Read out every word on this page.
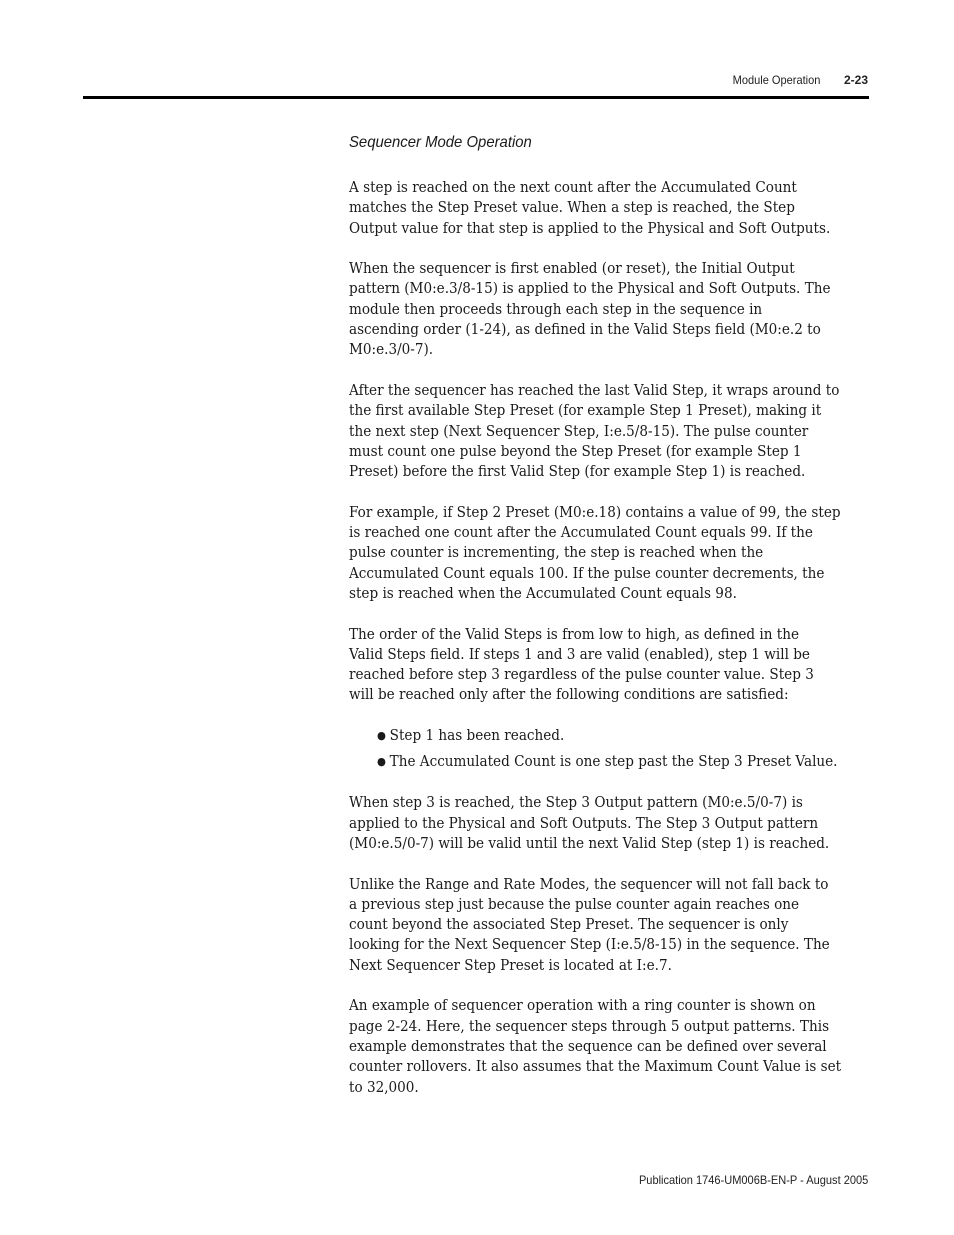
Module Operation 2-23
Sequencer Mode Operation

A step is reached on the next count after the Accumulated Count
matches the Step Preset value. When a step is reached, the Step
Output value for that step is applied to the Physical and Soft Outputs.

When the sequencer is first enabled (or reset), the Initial Output
pattern (M0:e.3/8-15) is applied to the Physical and Soft Outputs. The
module then proceeds through each step in the sequence in
ascending order (1-24), as defined in the Valid Steps field (M0:e.2 to
M0:e.3/0-7).

After the sequencer has reached the last Valid Step, it wraps around to
the first available Step Preset (for example Step 1 Preset), making it
the next step (Next Sequencer Step, I:e.5/8-15). The pulse counter
must count one pulse beyond the Step Preset (for example Step 1
Preset) before the first Valid Step (for example Step 1) is reached.

For example, if Step 2 Preset (M0:e.18) contains a value of 99, the step
is reached one count after the Accumulated Count equals 99. If the
pulse counter is incrementing, the step is reached when the
Accumulated Count equals 100. If the pulse counter decrements, the
step is reached when the Accumulated Count equals 98.

The order of the Valid Steps is from low to high, as defined in the
Valid Steps field. If steps 1 and 3 are valid (enabled), step 1 will be
reached before step 3 regardless of the pulse counter value. Step 3
will be reached only after the following conditions are satisfied:

● Step 1 has been reached.
● The Accumulated Count is one step past the Step 3 Preset Value.

When step 3 is reached, the Step 3 Output pattern (M0:e.5/0-7) is
applied to the Physical and Soft Outputs. The Step 3 Output pattern
(M0:e.5/0-7) will be valid until the next Valid Step (step 1) is reached.

Unlike the Range and Rate Modes, the sequencer will not fall back to
a previous step just because the pulse counter again reaches one
count beyond the associated Step Preset. The sequencer is only
looking for the Next Sequencer Step (I:e.5/8-15) in the sequence. The
Next Sequencer Step Preset is located at I:e.7.

An example of sequencer operation with a ring counter is shown on
page 2-24. Here, the sequencer steps through 5 output patterns. This
example demonstrates that the sequence can be defined over several
counter rollovers. It also assumes that the Maximum Count Value is set
to 32,000.

Publication 1746-UM006B-EN-P - August 2005
